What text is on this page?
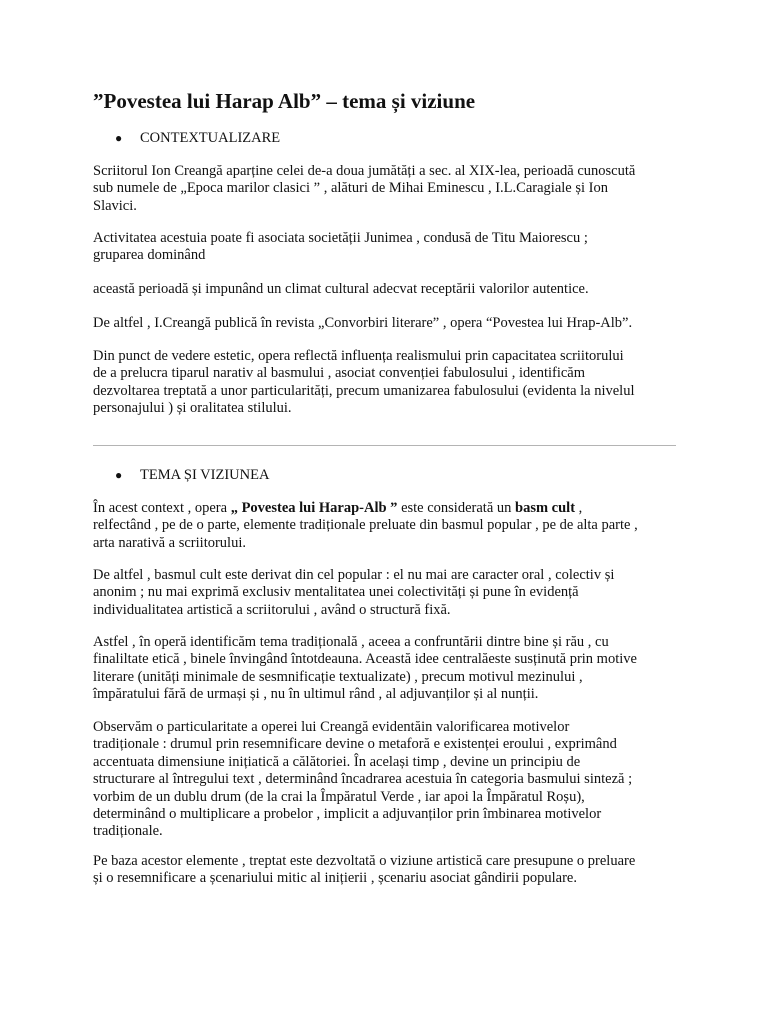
”Povestea lui Harap Alb” – tema și viziune
● CONTEXTUALIZARE

Scriitorul Ion Creangă aparține celei de-a doua jumătăți a sec. al XIX-lea, perioadă cunoscută
sub numele de „Epoca marilor clasici ” , alături de Mihai Eminescu , I.L.Caragiale și Ion
Slavici.

Activitatea acestuia poate fi asociata societății Junimea , condusă de Titu Maiorescu ;
gruparea dominând

această perioadă și impunând un climat cultural adecvat receptării valorilor autentice.

De altfel , I.Creangă publică în revista „Convorbiri literare” , opera “Povestea lui Hrap-Alb”.

Din punct de vedere estetic, opera reflectă influența realismului prin capacitatea scriitorului
de a prelucra tiparul narativ al basmului , asociat convenției fabulosului , identificăm
dezvoltarea treptată a unor particularități, precum umanizarea fabulosului (evidenta la nivelul
personajului ) și oralitatea stilului.

● TEMA ȘI VIZIUNEA

În acest context , opera „ Povestea lui Harap-Alb ” este considerată un basm cult ,
relfectând , pe de o parte, elemente tradiționale preluate din basmul popular , pe de alta parte ,
arta narativă a scriitorului.

De altfel , basmul cult este derivat din cel popular : el nu mai are caracter oral , colectiv și
anonim ; nu mai exprimă exclusiv mentalitatea unei colectivități și pune în evidență
individualitatea artistică a scriitorului , având o structură fixă.

Astfel , în operă identificăm tema tradițională , aceea a confruntării dintre bine și rău , cu
finaliltate etică , binele învingând întotdeauna. Această idee centralăeste susținută prin motive
literare (unități minimale de sesmnificație textualizate) , precum motivul mezinului ,
împăratului fără de urmași și , nu în ultimul rând , al adjuvanților și al nunții.

Observăm o particularitate a operei lui Creangă evidentăin valorificarea motivelor
tradiționale : drumul prin resemnificare devine o metaforă e existenței eroului , exprimând
accentuata dimensiune inițiatică a călătoriei. În același timp , devine un principiu de
structurare al întregului text , determinând încadrarea acestuia în categoria basmului sinteză ;
vorbim de un dublu drum (de la crai la Împăratul Verde , iar apoi la Împăratul Roșu),
determinând o multiplicare a probelor , implicit a adjuvanților prin îmbinarea motivelor
tradiționale.

Pe baza acestor elemente , treptat este dezvoltată o viziune artistică care presupune o preluare
și o resemnificare a șcenariului mitic al inițierii , șcenariu asociat gândirii populare.
